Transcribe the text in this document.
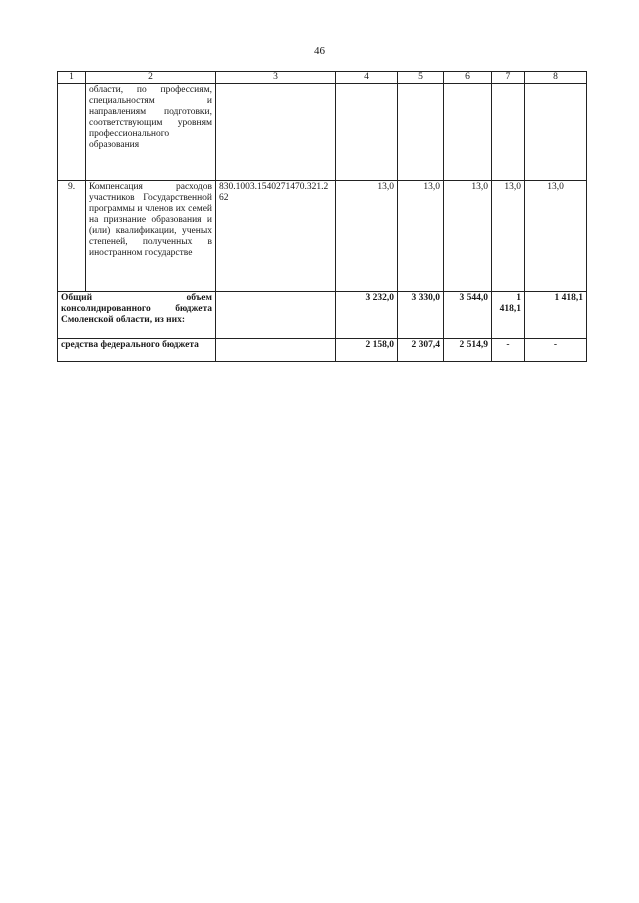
46
1	2	3	4	5	6	7	8
	области, по профессиям, специальностям и направлениям подготовки, соответствующим уровням профессионального образования						
9.	Компенсация расходов участников Государственной программы и членов их семей на признание образования и (или) квалификации, ученых степеней, полученных в иностранном государстве	830.1003.1540271470.321.262	13,0	13,0	13,0	13,0	13,0
Общий объем консолидированного бюджета Смоленской области, из них:			3 232,0	3 330,0	3 544,0	1 418,1	1 418,1
средства федерального бюджета			2 158,0	2 307,4	2 514,9	-	-
